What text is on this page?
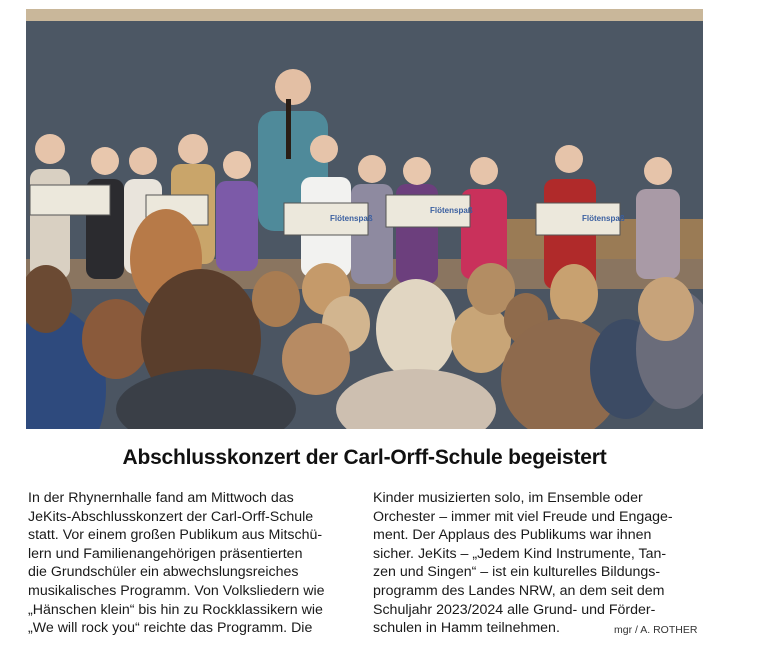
Flötenspaß
Flötenspaß
Flötenspaß
Abschlusskonzert der Carl-Orff-Schule begeistert
In der Rhynernhalle fand am Mittwoch das
JeKits-Abschlusskonzert der Carl-Orff-Schule
statt. Vor einem großen Publikum aus Mitschü-
lern und Familienangehörigen präsentierten
die Grundschüler ein abwechslungsreiches
musikalisches Programm. Von Volksliedern wie
„Hänschen klein“ bis hin zu Rockklassikern wie
„We will rock you“ reichte das Programm. Die
Kinder musizierten solo, im Ensemble oder
Orchester – immer mit viel Freude und Engage-
ment. Der Applaus des Publikums war ihnen
sicher. JeKits – „Jedem Kind Instrumente, Tan-
zen und Singen“ – ist ein kulturelles Bildungs-
programm des Landes NRW, an dem seit dem
Schuljahr 2023/2024 alle Grund- und Förder-
schulen in Hamm teilnehmen.	mgr / A. ROTHER
